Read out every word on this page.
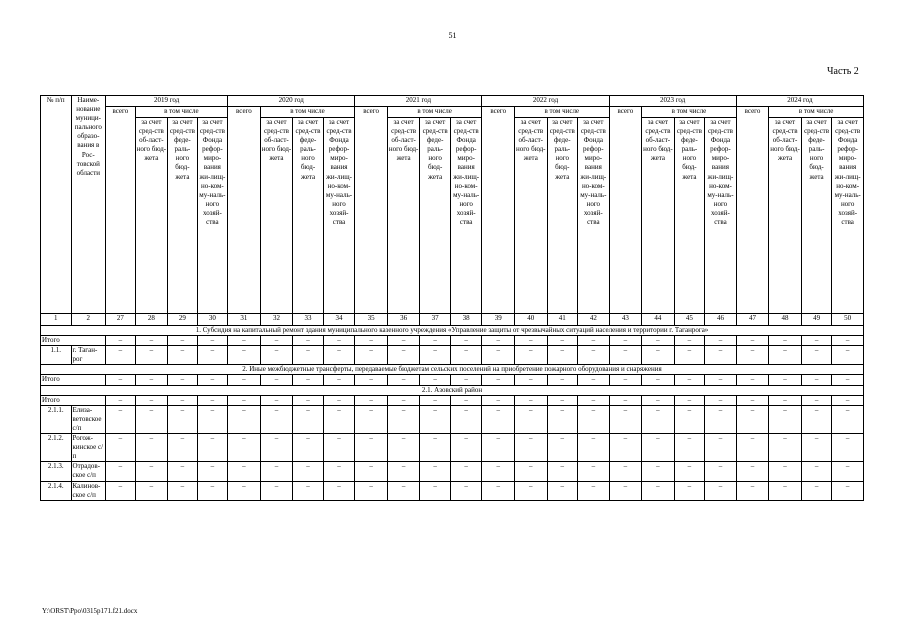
51
Часть 2
№ п/п	Наиме-нование муници-пального образо-вания в Рос-товской области	2019 год				2020 год				2021 год				2022 год				2023 год				2024 год			
		всего	в том числе			всего	в том числе			всего	в том числе			всего	в том числе			всего	в том числе			всего	в том числе		
			за счет сред-ств об-ласт-ного бюд-жета	за счет сред-ств феде-раль-ного бюд-жета	за счет сред-ств Фонда рефор-миро-вания жи-лищ-но-ком-му-наль-ного хозяй-ства		за счет сред-ств об-ласт-ного бюд-жета	за счет сред-ств феде-раль-ного бюд-жета	за счет сред-ств Фонда рефор-миро-вания жи-лищ-но-ком-му-наль-ного хозяй-ства		за счет сред-ств об-ласт-ного бюд-жета	за счет сред-ств феде-раль-ного бюд-жета	за счет сред-ств Фонда рефор-миро-вания жи-лищ-но-ком-му-наль-ного хозяй-ства		за счет сред-ств об-ласт-ного бюд-жета	за счет сред-ств феде-раль-ного бюд-жета	за счет сред-ств Фонда рефор-миро-вания жи-лищ-но-ком-му-наль-ного хозяй-ства		за счет сред-ств об-ласт-ного бюд-жета	за счет сред-ств феде-раль-ного бюд-жета	за счет сред-ств Фонда рефор-миро-вания жи-лищ-но-ком-му-наль-ного хозяй-ства		за счет сред-ств об-ласт-ного бюд-жета	за счет сред-ств феде-раль-ного бюд-жета	за счет сред-ств Фонда рефор-миро-вания жи-лищ-но-ком-му-наль-ного хозяй-ства
1	2	27	28	29	30	31	32	33	34	35	36	37	38	39	40	41	42	43	44	45	46	47	48	49	50
1. Субсидия на капитальный ремонт здания муниципального казенного учреждения «Управление защиты от чрезвычайных ситуаций населения и территории г. Таганрога»																									
Итого		–	–	–	–	–	–	–	–	–	–	–	–	–	–	–	–	–	–	–	–	–	–	–	–
1.1.	г. Таган-рог	–	–	–	–	–	–	–	–	–	–	–	–	–	–	–	–	–	–	–	–	–	–	–	–
2. Иные межбюджетные трансферты, передаваемые бюджетам сельских поселений на приобретение пожарного оборудования и снаряжения																									
Итого		–	–	–	–	–	–	–	–	–	–	–	–	–	–	–	–	–	–	–	–	–	–	–	–
2.1. Азовский район																									
Итого		–	–	–	–	–	–	–	–	–	–	–	–	–	–	–	–	–	–	–	–	–	–	–	–
2.1.1.	Елиза-ветовское с/п	–	–	–	–	–	–	–	–	–	–	–	–	–	–	–	–	–	–	–	–	–	–	–	–
2.1.2.	Рогож-кинское с/п	–	–	–	–	–	–	–	–	–	–	–	–	–	–	–	–	–	–	–	–	–	–	–	–
2.1.3.	Отрадов-ское с/п	–	–	–	–	–	–	–	–	–	–	–	–	–	–	–	–	–	–	–	–	–	–	–	–
2.1.4.	Калинов-ское с/п	–	–	–	–	–	–	–	–	–	–	–	–	–	–	–	–	–	–	–	–	–	–	–	–
Y:\ORST\Ppo\0315p171.f21.docx
